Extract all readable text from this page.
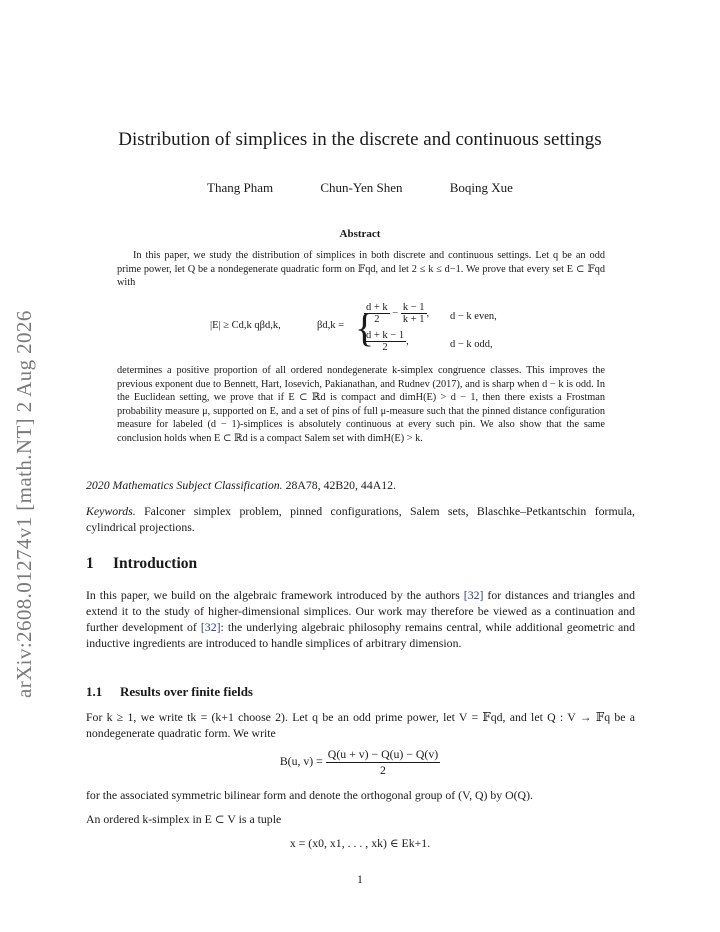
arXiv:2608.01274v1 [math.NT] 2 Aug 2026
Distribution of simplices in the discrete and continuous settings
Thang Pham	Chun-Yen Shen	Boqing Xue
Abstract

In this paper, we study the distribution of simplices in both discrete and continuous settings. Let q be an odd prime power, let Q be a nondegenerate quadratic form on 𝔽qd, and let 2 ≤ k ≤ d−1. We prove that every set E ⊂ 𝔽qd with

|E| ≥ Cd,k qβd,k,	βd,k = {
$\frac{d + k}{2} - \frac{k - 1}{k + 1}$ , d − k even,
$\frac{d + k - 1}{2}$ ,	d − k odd,

determines a positive proportion of all ordered nondegenerate k-simplex congruence classes. This improves the previous exponent due to Bennett, Hart, Iosevich, Pakianathan, and Rudnev (2017), and is sharp when d − k is odd. In the Euclidean setting, we prove that if E ⊂ ℝd is compact and dimH(E) > d − 1, then there exists a Frostman probability measure μ, supported on E, and a set of pins of full μ-measure such that the pinned distance configuration measure for labeled (d − 1)-simplices is absolutely continuous at every such pin. We also show that the same conclusion holds when E ⊂ ℝd is a compact Salem set with dimH(E) > k.

2020 Mathematics Subject Classification. 28A78, 42B20, 44A12.

Keywords. Falconer simplex problem, pinned configurations, Salem sets, Blaschke–Petkantschin formula, cylindrical projections.

1 Introduction

In this paper, we build on the algebraic framework introduced by the authors [32] for distances and triangles and extend it to the study of higher-dimensional simplices. Our work may therefore be viewed as a continuation and further development of [32]: the underlying algebraic philosophy remains central, while additional geometric and inductive ingredients are introduced to handle simplices of arbitrary dimension.

1.1 Results over finite fields

For k ≥ 1, we write tk = (k+1 choose 2). Let q be an odd prime power, let V = 𝔽qd, and let Q : V → 𝔽q be a nondegenerate quadratic form. We write

B(u, $v) = \frac{Q(u + v) - Q(u) - Q(v)}{2}$

for the associated symmetric bilinear form and denote the orthogonal group of (V, Q) by O(Q).

An ordered k-simplex in E ⊂ V is a tuple

x = (x0, x1, . . . , xk) ∈ Ek+1.
1
